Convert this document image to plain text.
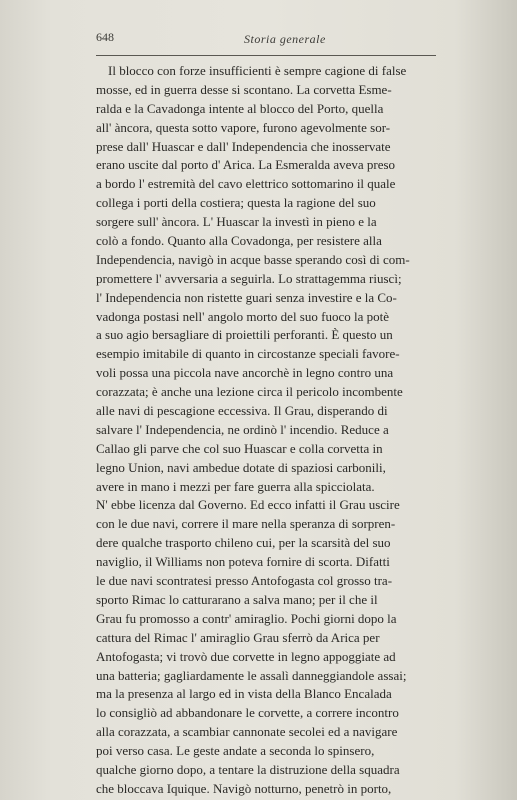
648	Storia generale
Il blocco con forze insufficienti è sempre cagione di false
mosse, ed in guerra desse si scontano. La corvetta Esme-
ralda e la Cavadonga intente al blocco del Porto, quella
all' àncora, questa sotto vapore, furono agevolmente sor-
prese dall' Huascar e dall' Independencia che inosservate
erano uscite dal porto d' Arica. La Esmeralda aveva preso
a bordo l' estremità del cavo elettrico sottomarino il quale
collega i porti della costiera; questa la ragione del suo
sorgere sull' àncora. L' Huascar la investì in pieno e la
colò a fondo. Quanto alla Covadonga, per resistere alla
Independencia, navigò in acque basse sperando così di com-
promettere l' avversaria a seguirla. Lo strattagemma riuscì;
l' Independencia non ristette guari senza investire e la Co-
vadonga postasi nell' angolo morto del suo fuoco la potè
a suo agio bersagliare di proiettili perforanti. È questo un
esempio imitabile di quanto in circostanze speciali favore-
voli possa una piccola nave ancorchè in legno contro una
corazzata; è anche una lezione circa il pericolo incombente
alle navi di pescagione eccessiva. Il Grau, disperando di
salvare l' Independencia, ne ordinò l' incendio. Reduce a
Callao gli parve che col suo Huascar e colla corvetta in
legno Union, navi ambedue dotate di spaziosi carbonili,
avere in mano i mezzi per fare guerra alla spicciolata.
N' ebbe licenza dal Governo. Ed ecco infatti il Grau uscire
con le due navi, correre il mare nella speranza di sorpren-
dere qualche trasporto chileno cui, per la scarsità del suo
naviglio, il Williams non poteva fornire di scorta. Difatti
le due navi scontratesi presso Antofogasta col grosso tra-
sporto Rimac lo catturarano a salva mano; per il che il
Grau fu promosso a contr' amiraglio. Pochi giorni dopo la
cattura del Rimac l' amiraglio Grau sferrò da Arica per
Antofogasta; vi trovò due corvette in legno appoggiate ad
una batteria; gagliardamente le assalì danneggiandole assai;
ma la presenza al largo ed in vista della Blanco Encalada
lo consigliò ad abbandonare le corvette, a correre incontro
alla corazzata, a scambiar cannonate secolei ed a navigare
poi verso casa. Le geste andate a seconda lo spinsero,
qualche giorno dopo, a tentare la distruzione della squadra
che bloccava Iquique. Navigò notturno, penetrò in porto,
